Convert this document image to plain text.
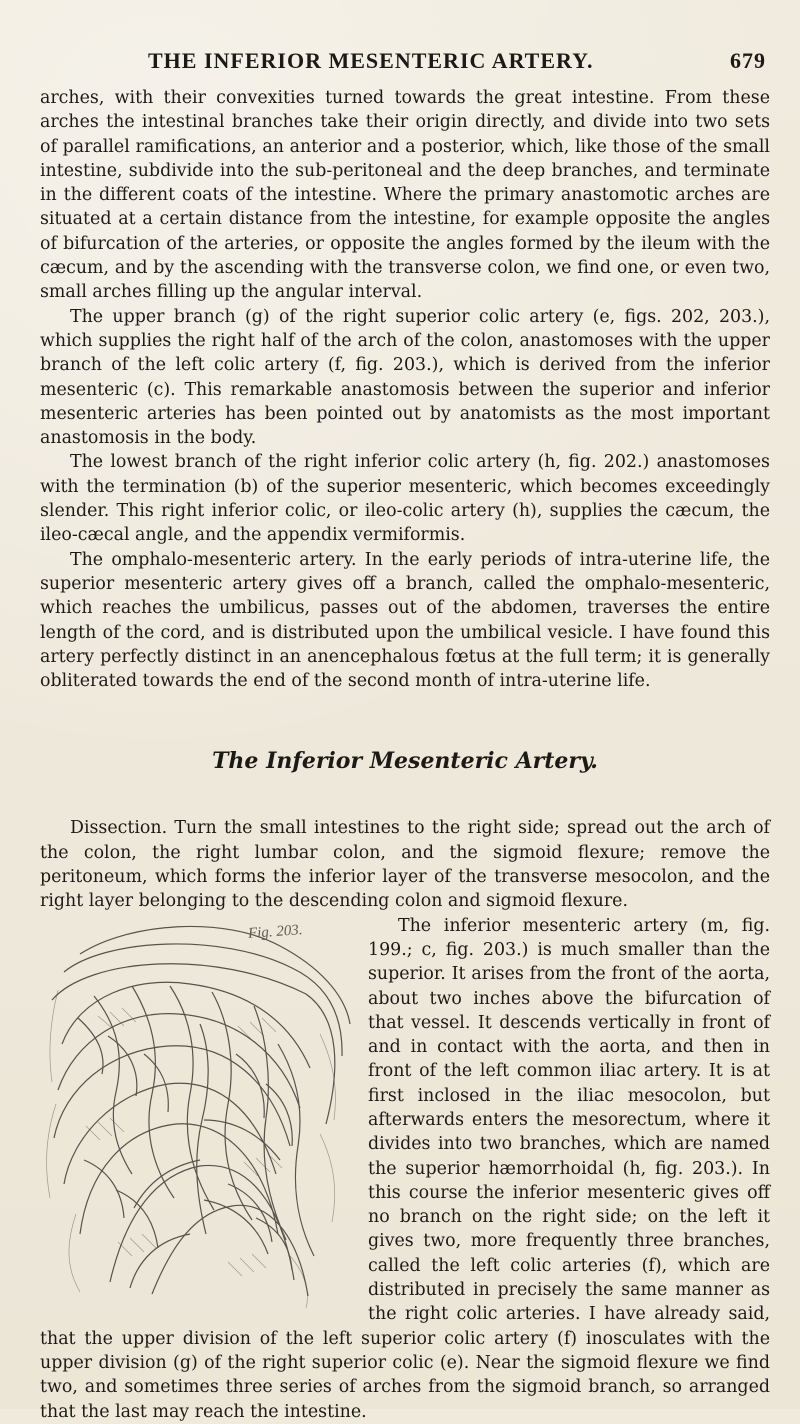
THE INFERIOR MESENTERIC ARTERY.	679

arches, with their convexities turned towards the great intestine. From these arches the intestinal branches take their origin directly, and divide into two sets of parallel ramifications, an anterior and a posterior, which, like those of the small intestine, subdivide into the sub-peritoneal and the deep branches, and terminate in the different coats of the intestine. Where the primary anastomotic arches are situated at a certain distance from the intestine, for example opposite the angles of bifurcation of the arteries, or opposite the angles formed by the ileum with the cæcum, and by the ascending with the transverse colon, we find one, or even two, small arches filling up the angular interval.

The upper branch (g) of the right superior colic artery (e, figs. 202, 203.), which supplies the right half of the arch of the colon, anastomoses with the upper branch of the left colic artery (f, fig. 203.), which is derived from the inferior mesenteric (c). This remarkable anastomosis between the superior and inferior mesenteric arteries has been pointed out by anatomists as the most important anastomosis in the body.

The lowest branch of the right inferior colic artery (h, fig. 202.) anastomoses with the termination (b) of the superior mesenteric, which becomes exceedingly slender. This right inferior colic, or ileo-colic artery (h), supplies the cæcum, the ileo-cæcal angle, and the appendix vermiformis.

The omphalo-mesenteric artery. In the early periods of intra-uterine life, the superior mesenteric artery gives off a branch, called the omphalo-mesenteric, which reaches the umbilicus, passes out of the abdomen, traverses the entire length of the cord, and is distributed upon the umbilical vesicle. I have found this artery perfectly distinct in an anencephalous fœtus at the full term; it is generally obliterated towards the end of the second month of intra-uterine life.

The Inferior Mesenteric Artery.

Dissection. Turn the small intestines to the right side; spread out the arch of the colon, the right lumbar colon, and the sigmoid flexure; remove the peritoneum, which forms the inferior layer of the transverse mesocolon, and the right layer belonging to the descending colon and sigmoid flexure.

Fig. 203.	The inferior mesenteric artery (m, fig. 199.; c, fig. 203.) is much smaller than the superior. It arises from the front of the aorta, about two inches above the bifurcation of that vessel. It descends vertically in front of and in contact with the aorta, and then in front of the left common iliac artery. It is at first inclosed in the iliac mesocolon, but afterwards enters the mesorectum, where it divides into two branches, which are named the superior hæmorrhoidal (h, fig. 203.). In this course the inferior mesenteric gives off no branch on the right side; on the left it gives two, more frequently three branches, called the left colic arteries (f), which are distributed in precisely the same manner as the right colic arteries. I have already said, that the upper division of the left superior colic artery (f) inosculates with the upper division (g) of the right superior colic (e). Near the sigmoid flexure we find two, and sometimes three series of arches from the sigmoid branch, so arranged that the last may reach the intestine.
